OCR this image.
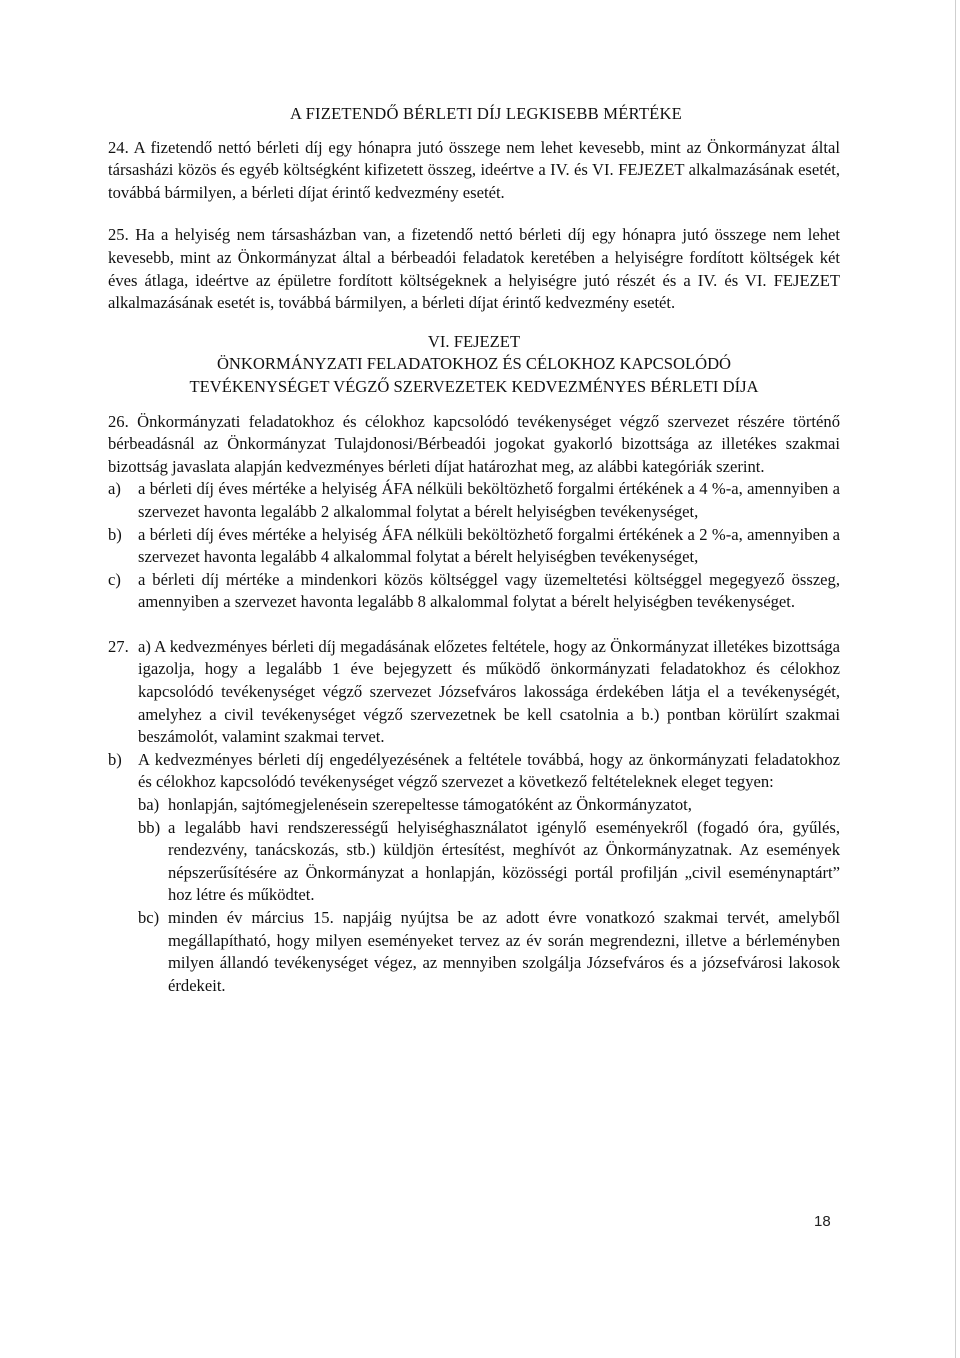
A FIZETENDŐ BÉRLETI DÍJ LEGKISEBB MÉRTÉKE

24. A fizetendő nettó bérleti díj egy hónapra jutó összege nem lehet kevesebb, mint az Önkormányzat által társasházi közös és egyéb költségként kifizetett összeg, ideértve a IV. és VI. FEJEZET alkalmazásának esetét, továbbá bármilyen, a bérleti díjat érintő kedvezmény esetét.

25. Ha a helyiség nem társasházban van, a fizetendő nettó bérleti díj egy hónapra jutó összege nem lehet kevesebb, mint az Önkormányzat által a bérbeadói feladatok keretében a helyiségre fordított költségek két éves átlaga, ideértve az épületre fordított költségeknek a helyiségre jutó részét és a IV. és VI. FEJEZET alkalmazásának esetét is, továbbá bármilyen, a bérleti díjat érintő kedvezmény esetét.

VI. FEJEZET
ÖNKORMÁNYZATI FELADATOKHOZ ÉS CÉLOKHOZ KAPCSOLÓDÓ
TEVÉKENYSÉGET VÉGZŐ SZERVEZETEK KEDVEZMÉNYES BÉRLETI DÍJA

26. Önkormányzati feladatokhoz és célokhoz kapcsolódó tevékenységet végző szervezet részére történő bérbeadásnál az Önkormányzat Tulajdonosi/Bérbeadói jogokat gyakorló bizottsága az illetékes szakmai bizottság javaslata alapján kedvezményes bérleti díjat határozhat meg, az alábbi kategóriák szerint.

a)	a bérleti díj éves mértéke a helyiség ÁFA nélküli beköltözhető forgalmi értékének a 4 %-a, amennyiben a szervezet havonta legalább 2 alkalommal folytat a bérelt helyiségben tevékenységet,
b) a bérleti díj éves mértéke a helyiség ÁFA nélküli beköltözhető forgalmi értékének a 2 %-a, amennyiben a szervezet havonta legalább 4 alkalommal folytat a bérelt helyiségben tevékenységet,
c)	a bérleti díj mértéke a mindenkori közös költséggel vagy üzemeltetési költséggel megegyező összeg, amennyiben a szervezet havonta legalább 8 alkalommal folytat a bérelt helyiségben tevékenységet.
27. a) A kedvezményes bérleti díj megadásának előzetes feltétele, hogy az Önkormányzat illetékes bizottsága igazolja, hogy a legalább 1 éve bejegyzett és működő önkormányzati feladatokhoz és célokhoz kapcsolódó tevékenységet végző szervezet Józsefváros lakossága érdekében látja el a tevékenységét, amelyhez a civil tevékenységet végző szervezetnek be kell csatolnia a b.) pontban körülírt szakmai beszámolót, valamint szakmai tervet.
b) A kedvezményes bérleti díj engedélyezésének a feltétele továbbá, hogy az önkormányzati feladatokhoz és célokhoz kapcsolódó tevékenységet végző szervezet a következő feltételeknek eleget tegyen:
ba) honlapján, sajtómegjelenésein szerepeltesse támogatóként az Önkormányzatot,
bb) a legalább havi rendszerességű helyiséghasználatot igénylő eseményekről (fogadó óra, gyűlés, rendezvény, tanácskozás, stb.) küldjön értesítést, meghívót az Önkormányzatnak. Az események népszerűsítésére az Önkormányzat a honlapján, közösségi portál profilján „civil eseménynaptárt” hoz létre és működtet.
bc) minden év március 15. napjáig nyújtsa be az adott évre vonatkozó szakmai tervét, amelyből megállapítható, hogy milyen eseményeket tervez az év során megrendezni, illetve a bérleményben milyen állandó tevékenységet végez, az mennyiben szolgálja Józsefváros és a józsefvárosi lakosok érdekeit.
18
